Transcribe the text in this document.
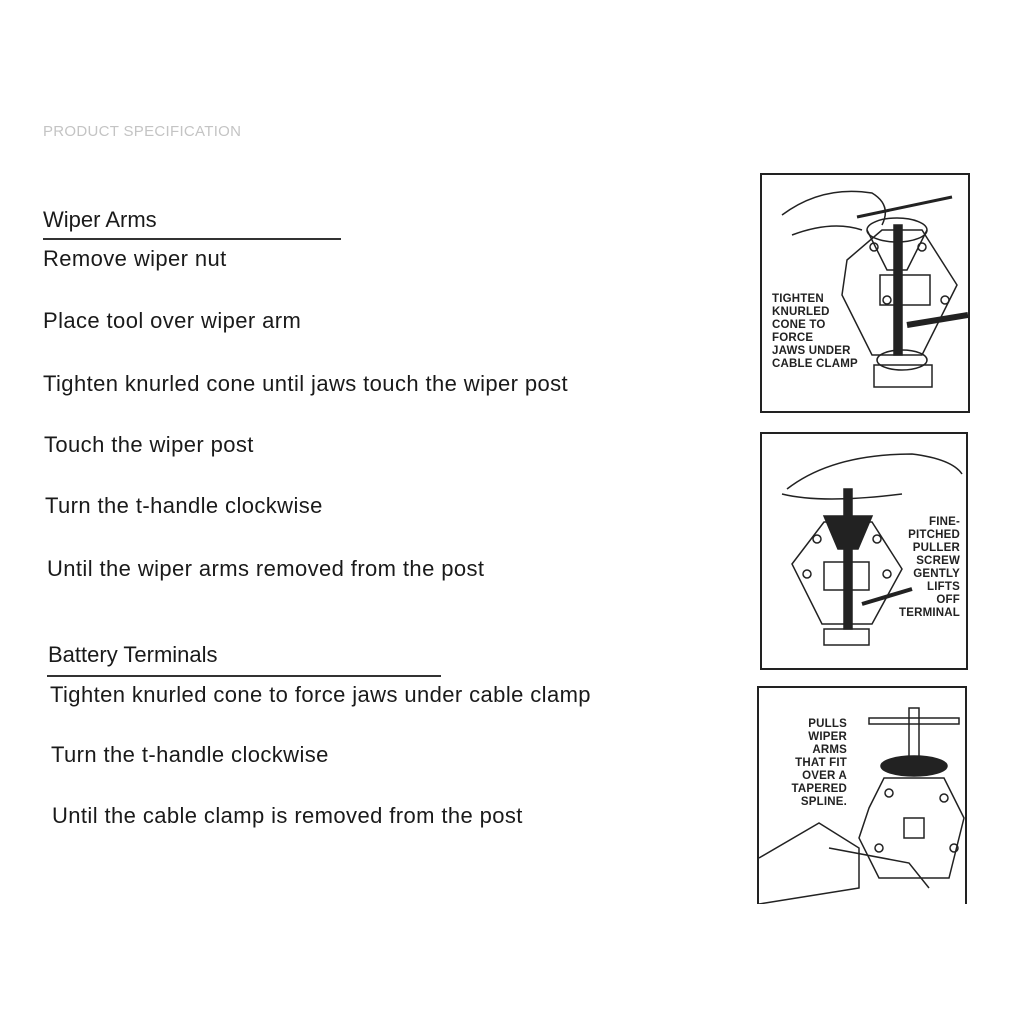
PRODUCT SPECIFICATION
Wiper Arms
Remove wiper nut
Place tool over wiper arm
Tighten knurled cone until jaws touch the wiper post
Touch the wiper post
Turn the t-handle clockwise
Until the wiper arms removed from the post
Battery Terminals
Tighten knurled cone to force jaws under cable clamp
Turn the t-handle clockwise
Until the cable clamp is removed from the post
TIGHTEN
KNURLED
CONE TO
FORCE
JAWS UNDER
CABLE CLAMP
FINE-
PITCHED
PULLER
SCREW
GENTLY
LIFTS
OFF
TERMINAL
PULLS
WIPER
ARMS
THAT FIT
OVER A
TAPERED
SPLINE.
